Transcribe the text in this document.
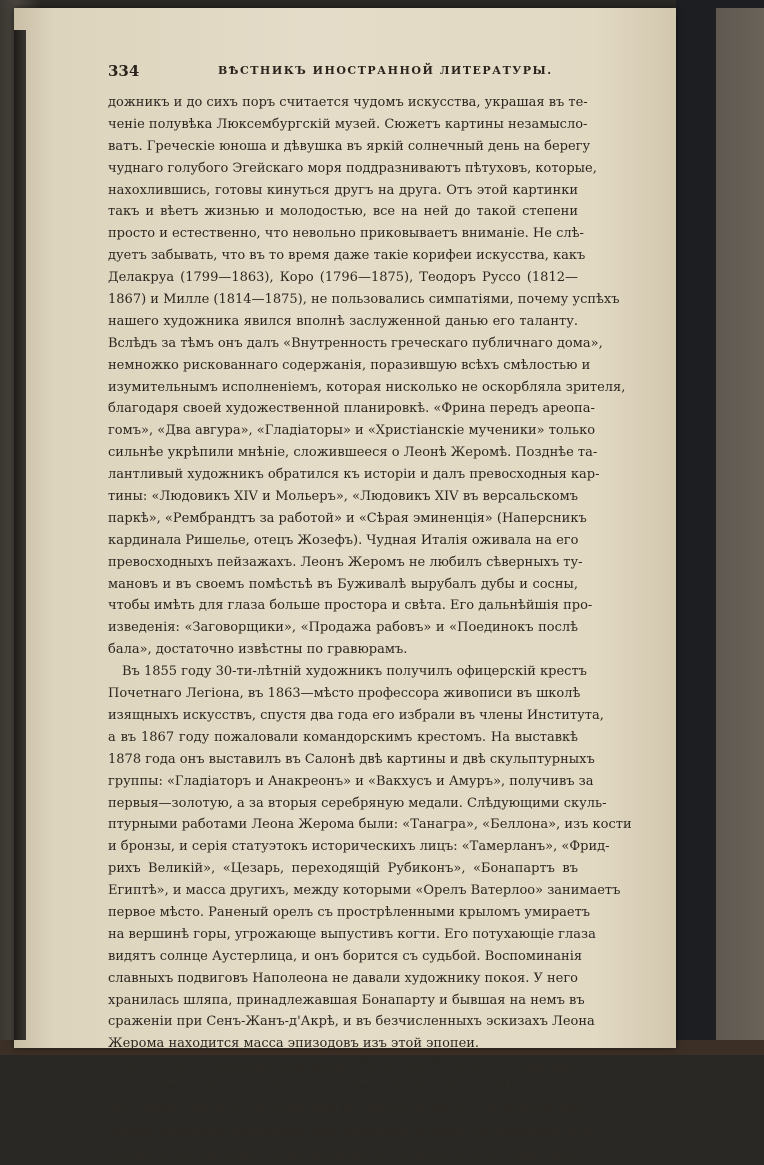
334	ВѢСТНИКЪ ИНОСТРАННОЙ ЛИТЕРАТУРЫ.
дожникъ и до сихъ поръ считается чудомъ искусства, украшая въ те-
ченіе полувѣка Люксембургскій музей. Сюжетъ картины незамысло-
ватъ. Греческіе юноша и дѣвушка въ яркій солнечный день на берегу
чуднаго голубого Эгейскаго моря поддразниваютъ пѣтуховъ, которые,
нахохлившись, готовы кинуться другъ на друга. Отъ этой картинки
такъ и вѣетъ жизнью и молодостью, все на ней до такой степени
просто и естественно, что невольно приковываетъ вниманіе. Не слѣ-
дуетъ забывать, что въ то время даже такіе корифеи искусства, какъ
Делакруа (1799—1863), Коро (1796—1875), Теодоръ Руссо (1812—
1867) и Милле (1814—1875), не пользовались симпатіями, почему успѣхъ
нашего художника явился вполнѣ заслуженной данью его таланту.
Вслѣдъ за тѣмъ онъ далъ «Внутренность греческаго публичнаго дома»,
немножко рискованнаго содержанія, поразившую всѣхъ смѣлостью и
изумительнымъ исполненіемъ, которая нисколько не оскорбляла зрителя,
благодаря своей художественной планировкѣ. «Фрина передъ ареопа-
гомъ», «Два авгура», «Гладіаторы» и «Христіанскіе мученики» только
сильнѣе укрѣпили мнѣніе, сложившееся о Леонѣ Жеромѣ. Позднѣе та-
лантливый художникъ обратился къ исторіи и далъ превосходныя кар-
тины: «Людовикъ XIV и Мольеръ», «Людовикъ XIV въ версальскомъ
паркѣ», «Рембрандтъ за работой» и «Сѣрая эминенція» (Наперсникъ
кардинала Ришелье, отецъ Жозефъ). Чудная Италія оживала на его
превосходныхъ пейзажахъ. Леонъ Жеромъ не любилъ сѣверныхъ ту-
мановъ и въ своемъ помѣстьѣ въ Буживалѣ вырубалъ дубы и сосны,
чтобы имѣть для глаза больше простора и свѣта. Его дальнѣйшія про-
изведенія: «Заговорщики», «Продажа рабовъ» и «Поединокъ послѣ
бала», достаточно извѣстны по гравюрамъ.
Въ 1855 году 30-ти-лѣтній художникъ получилъ офицерскій крестъ
Почетнаго Легіона, въ 1863—мѣсто профессора живописи въ школѣ
изящныхъ искусствъ, спустя два года его избрали въ члены Института,
а въ 1867 году пожаловали командорскимъ крестомъ. На выставкѣ
1878 года онъ выставилъ въ Салонѣ двѣ картины и двѣ скульптурныхъ
группы: «Гладіаторъ и Анакреонъ» и «Вакхусъ и Амуръ», получивъ за
первыя—золотую, а за вторыя серебряную медали. Слѣдующими скуль-
птурными работами Леона Жерома были: «Танагра», «Беллона», изъ кости
и бронзы, и серія статуэтокъ историческихъ лицъ: «Тамерланъ», «Фрид-
рихъ Великій», «Цезарь, переходящій Рубиконъ», «Бонапартъ въ
Египтѣ», и масса другихъ, между которыми «Орелъ Ватерлоо» занимаетъ
первое мѣсто. Раненый орелъ съ прострѣленными крыломъ умираетъ
на вершинѣ горы, угрожающе выпустивъ когти. Его потухающіе глаза
видятъ солнце Аустерлица, и онъ борится съ судьбой. Воспоминанія
славныхъ подвиговъ Наполеона не давали художнику покоя. У него
хранилась шляпа, принадлежавшая Бонапарту и бывшая на немъ въ
сраженіи при Сенъ-Жанъ-д'Акрѣ, и въ безчисленныхъ эскизахъ Леона
Жерома находится масса эпизодовъ изъ этой эпопеи.
Въ 40 лѣтъ покойный художникъ былъ уже богатъ. Его картины
покупались, какъ говорится, нарасхватъ и цѣнились на вѣсъ золота.
Изъ своихъ частыхъ путешествій по Турціи, Египту и Палестинѣ онъ
всегда привозилъ матеріалы, изъ которыхъ позднѣе составлялись его
знаменитыя картины. Леонъ Жеромъ былъ женатъ на дочери извѣст-
